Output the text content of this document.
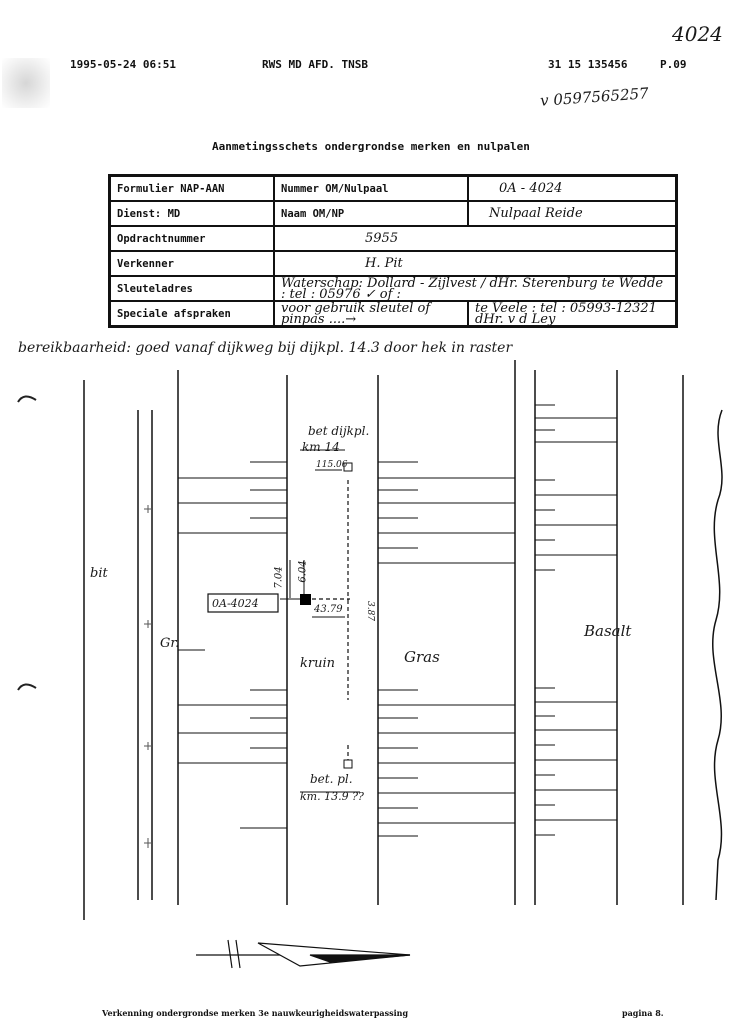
4024
1995-05-24 06:51	RWS MD AFD. TNSB	31 15 135456	P.09
v 0597565257
Aanmetingsschets ondergrondse merken en nulpalen
Formulier NAP-AAN	Nummer OM/Nulpaal	0A - 4024
Dienst: MD	Naam OM/NP	Nulpaal Reide
Opdrachtnummer	5955	
Verkenner	H. Pit	
Sleuteladres	Waterschap: Dollard - Zijlvest / dHr. Sterenburg te Wedde : tel : 05976 ✓ of :	
Speciale afspraken	voor gebruik sleutel of pinpas ....→	te Veele : tel : 05993-12321 dHr. v d Ley
bereikbaarheid: goed vanaf dijkweg bij dijkpl. 14.3 door hek in raster
bit
Gr.
Gras
Basalt
kruin
bet dijkpl.
km 14
115.06
0A-4024
7.04 6.04
43.79 3.87
bet. pl.
km. 13.9 ??
Verkenning ondergrondse merken 3e nauwkeurigheidswaterpassing	pagina 8.
